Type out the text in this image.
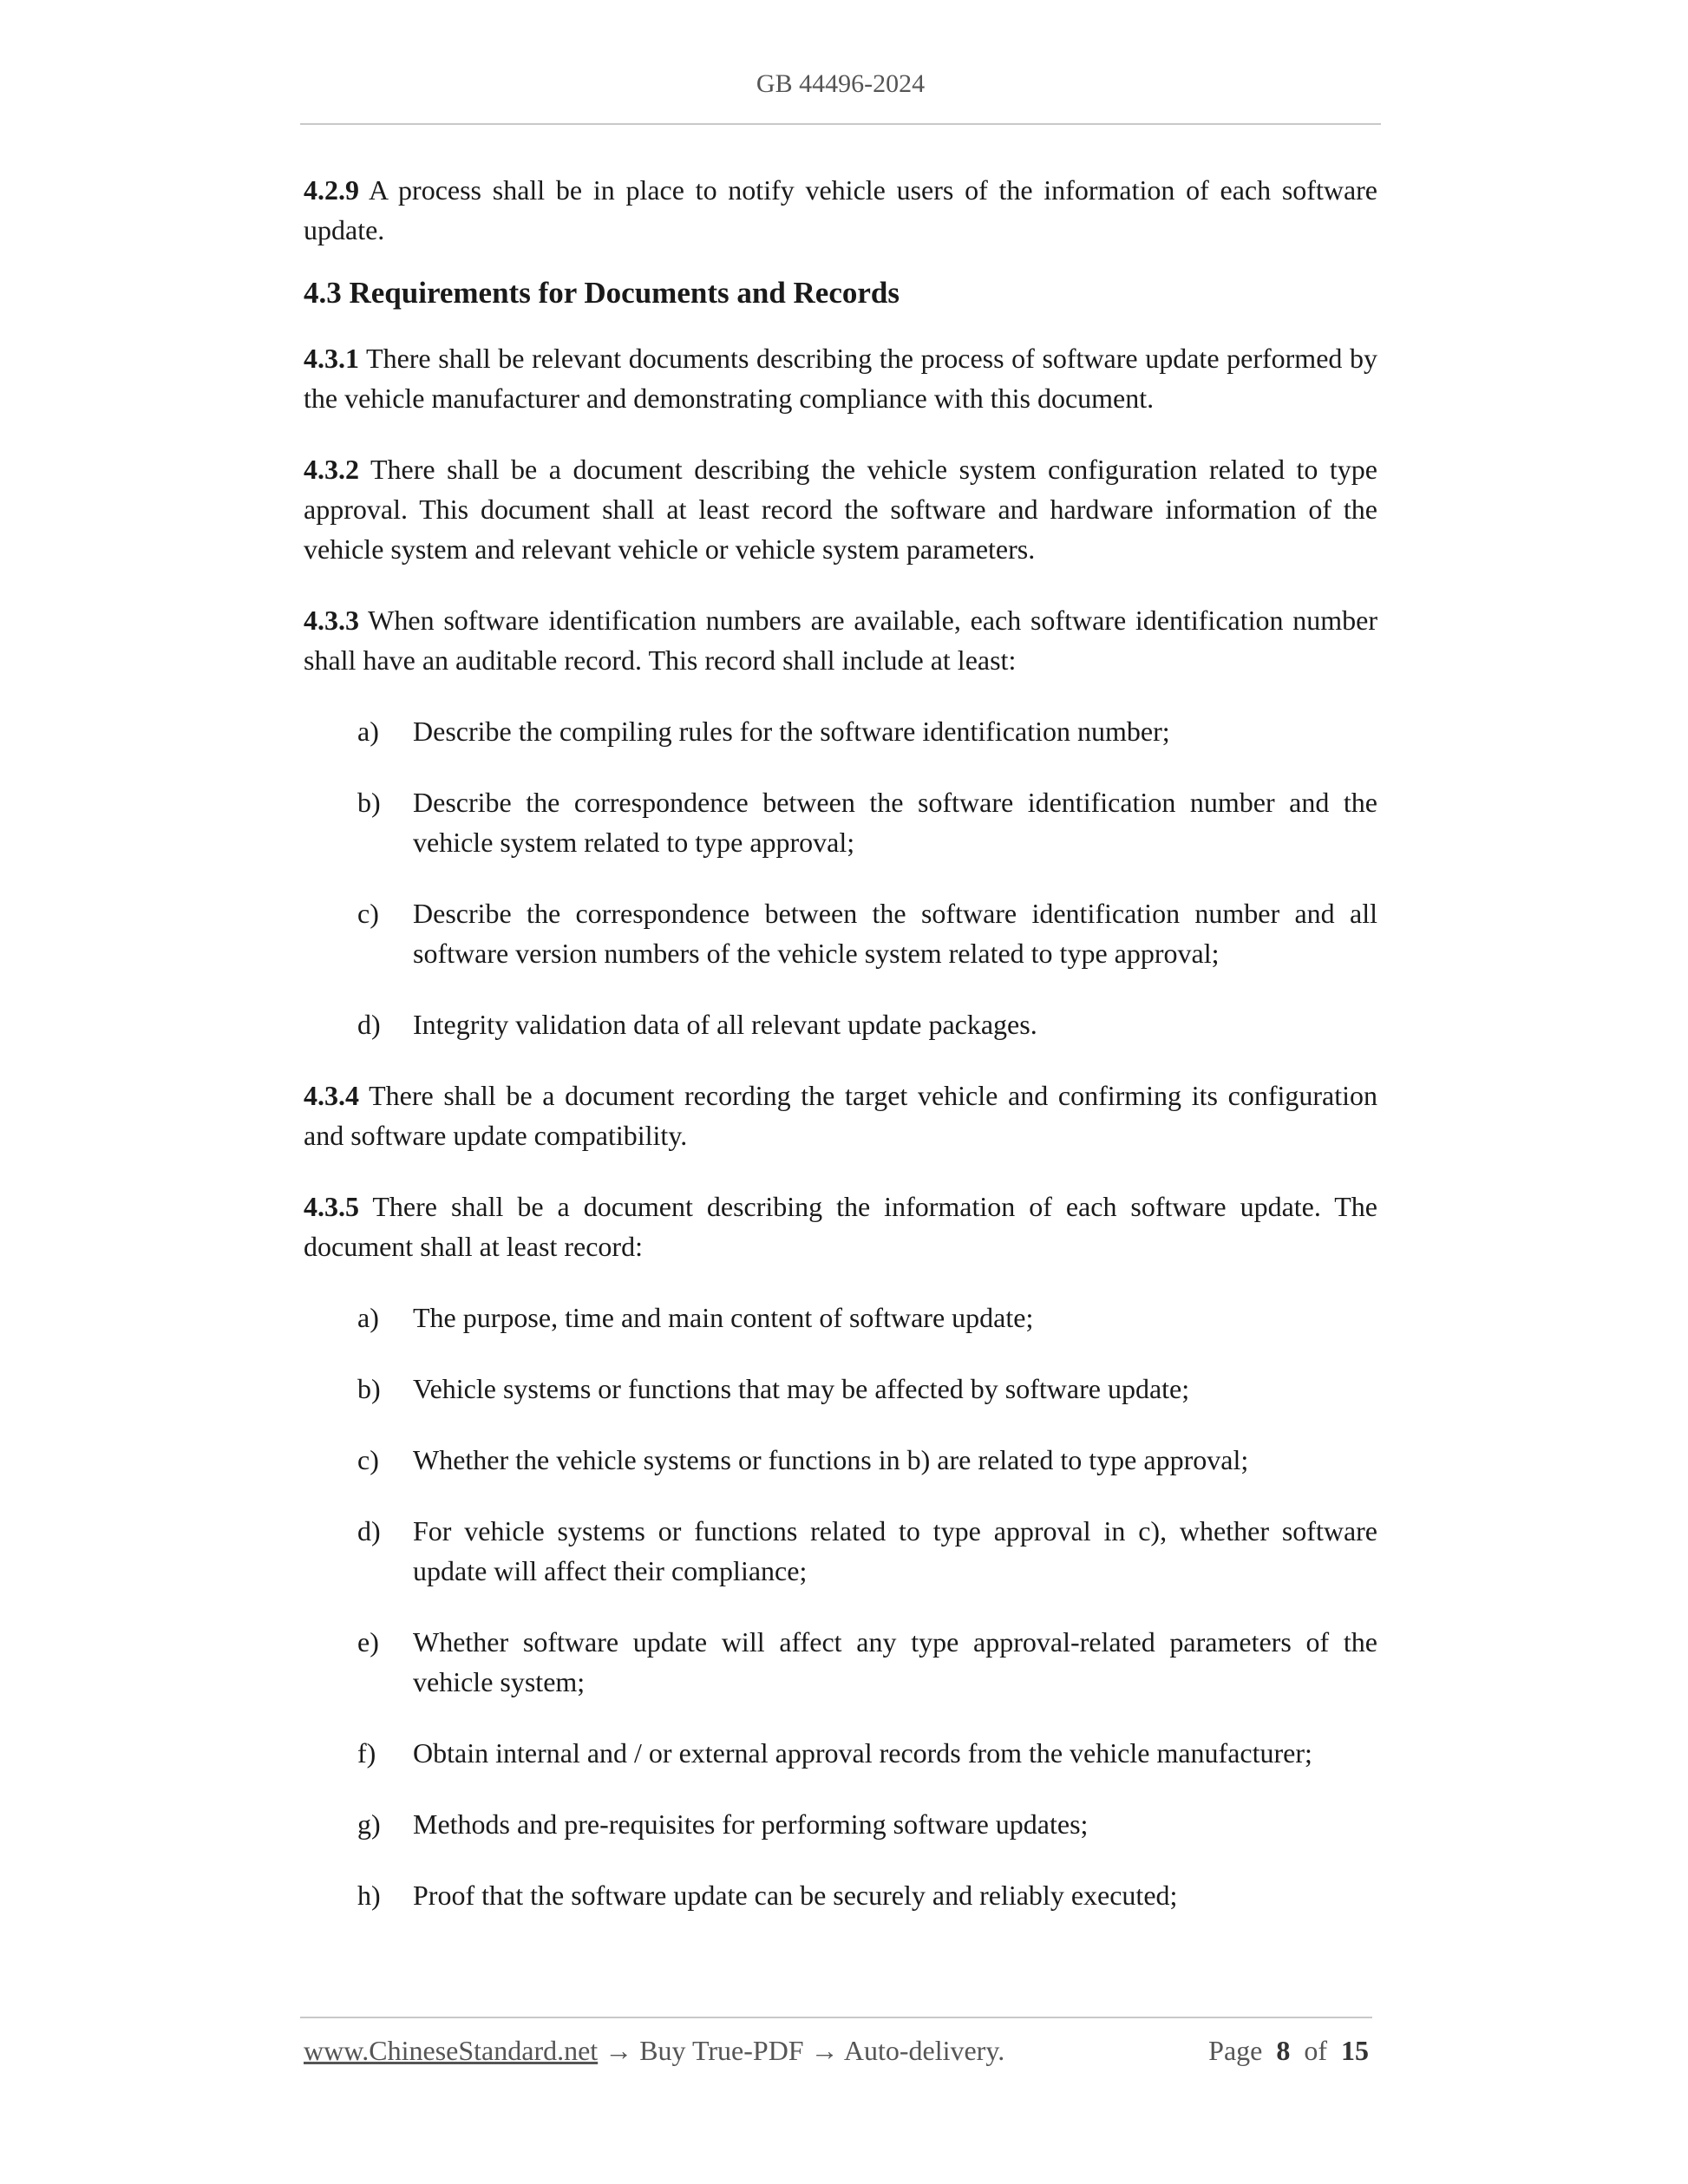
GB 44496-2024

4.2.9 A process shall be in place to notify vehicle users of the information of each software update.

4.3 Requirements for Documents and Records

4.3.1 There shall be relevant documents describing the process of software update performed by the vehicle manufacturer and demonstrating compliance with this document.

4.3.2 There shall be a document describing the vehicle system configuration related to type approval. This document shall at least record the software and hardware information of the vehicle system and relevant vehicle or vehicle system parameters.

4.3.3 When software identification numbers are available, each software identification number shall have an auditable record. This record shall include at least:

a)	Describe the compiling rules for the software identification number;
b)	Describe the correspondence between the software identification number and the vehicle system related to type approval;
c)	Describe the correspondence between the software identification number and all software version numbers of the vehicle system related to type approval;
d)	Integrity validation data of all relevant update packages.

4.3.4 There shall be a document recording the target vehicle and confirming its configuration and software update compatibility.

4.3.5 There shall be a document describing the information of each software update. The document shall at least record:

a)	The purpose, time and main content of software update;
b)	Vehicle systems or functions that may be affected by software update;
c)	Whether the vehicle systems or functions in b) are related to type approval;
d)	For vehicle systems or functions related to type approval in c), whether software update will affect their compliance;
e)	Whether software update will affect any type approval-related parameters of the vehicle system;
f)	Obtain internal and / or external approval records from the vehicle manufacturer;
g)	Methods and pre-requisites for performing software updates;
h)	Proof that the software update can be securely and reliably executed;
www.ChineseStandard.net → Buy True-PDF → Auto-delivery.	Page 8 of 15
